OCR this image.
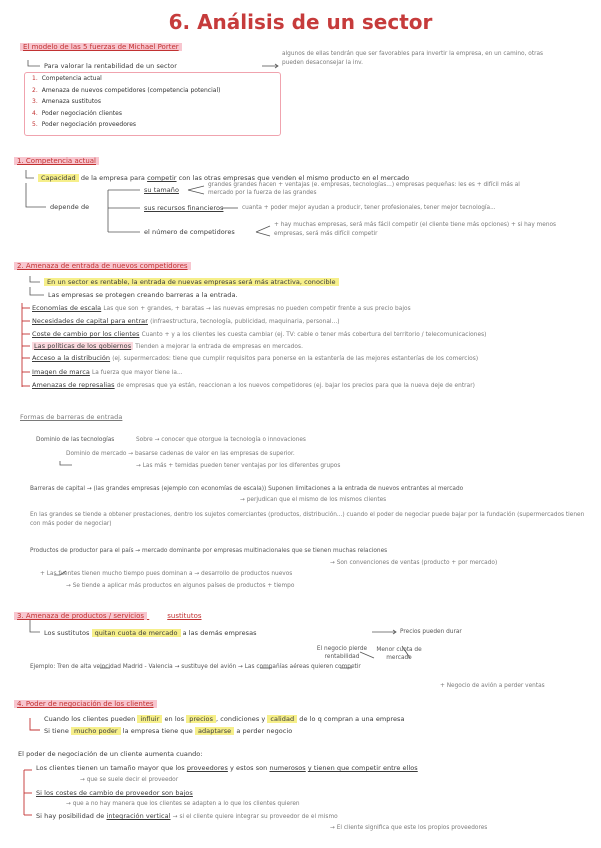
6. Análisis de un sector
El modelo de las 5 fuerzas de Michael Porter
Para valorar la rentabilidad de un sector
algunos de ellas tendrán que ser favorables para invertir la empresa, en un camino, otras pueden desaconsejar la inv.
1. Competencia actual
2. Amenaza de nuevos competidores (competencia potencial)
3. Amenaza sustitutos
4. Poder negociación clientes
5. Poder negociación proveedores
1. Competencia actual
Capacidad de la empresa para competir con las otras empresas que venden el mismo producto en el mercado
depende de
su tamaño
grandes grandes hacen + ventajas (e. empresas, tecnologías...) empresas pequeñas: les es + difícil más al mercado por la fuerza de las grandes
sus recursos financieros	cuanta + poder mejor ayudan a producir, tener profesionales, tener mejor tecnología...
el número de competidores
+ hay muchas empresas, será más fácil competir (el cliente tiene más opciones) + si hay menos empresas, será más difícil competir
2. Amenaza de entrada de nuevos competidores
En un sector es rentable, la entrada de nuevas empresas será más atractiva, conocible
Las empresas se protegen creando barreras a la entrada.
Economías de escala Las que son + grandes, + baratas → las nuevas empresas no pueden competir frente a sus precio bajos
Necesidades de capital para entrar (infraestructura, tecnología, publicidad, maquinaria, personal...)
Coste de cambio por los clientes Cuanto + y a los clientes les cuesta cambiar (ej. TV: cable o tener más cobertura del territorio / telecomunicaciones)
Las políticas de los gobiernos Tienden a mejorar la entrada de empresas en mercados.
Acceso a la distribución (ej. supermercados: tiene que cumplir requisitos para ponerse en la estantería de las mejores estanterías de los comercios)
Imagen de marca La fuerza que mayor tiene la...
Amenazas de represalias de empresas que ya están, reaccionan a los nuevos competidores (ej. bajar los precios para que la nueva deje de entrar)
Formas de barreras de entrada
Dominio de las tecnologías	Sobre → conocer que otorgue la tecnología o innovaciones
Dominio de mercado → basarse cadenas de valor en las empresas de superior.
→ Las más + temidas pueden tener ventajas por los diferentes grupos
Barreras de capital → (las grandes empresas (ejemplo con economías de escala)) Suponen limitaciones a la entrada de nuevos entrantes al mercado
→ perjudican que el mismo de los mismos clientes
En las grandes se tiende a obtener prestaciones, dentro los sujetos comerciantes (productos, distribución...) cuando el poder de negociar puede bajar por la fundación (supermercados tienen con más poder de negociar)
Productos de productor para el país → mercado dominante por empresas multinacionales que se tienen muchas relaciones
→ Son convenciones de ventas (producto + por mercado)
+ Las fuentes tienen mucho tiempo pues dominan a → desarrollo de productos nuevos
→ Se tiende a aplicar más productos en algunos países de productos + tiempo
3. Amenaza de productos / servicios	sustitutos
Los sustitutos quitan cuota de mercado a las demás empresas	Precios pueden durar
El negocio pierde rentabilidad
Menor cuota de mercado
Ejemplo: Tren de alta velocidad Madrid - Valencia → sustituye del avión → Las compañías aéreas quieren competir
+ Negocio de avión a perder ventas
4. Poder de negociación de los clientes
Cuando los clientes pueden influir en los precios , condiciones y calidad de lo q compran a una empresa
Si tiene mucho poder la empresa tiene que adaptarse a perder negocio
El poder de negociación de un cliente aumenta cuando:
Los clientes tienen un tamaño mayor que los proveedores y estos son numerosos y tienen que competir entre ellos
→ que se suele decir el proveedor
Si los costes de cambio de proveedor son bajos
→ que a no hay manera que los clientes se adapten a lo que los clientes quieren
Si hay posibilidad de integración vertical → si el cliente quiere integrar su proveedor de el mismo
→ El cliente significa que este los propios proveedores
